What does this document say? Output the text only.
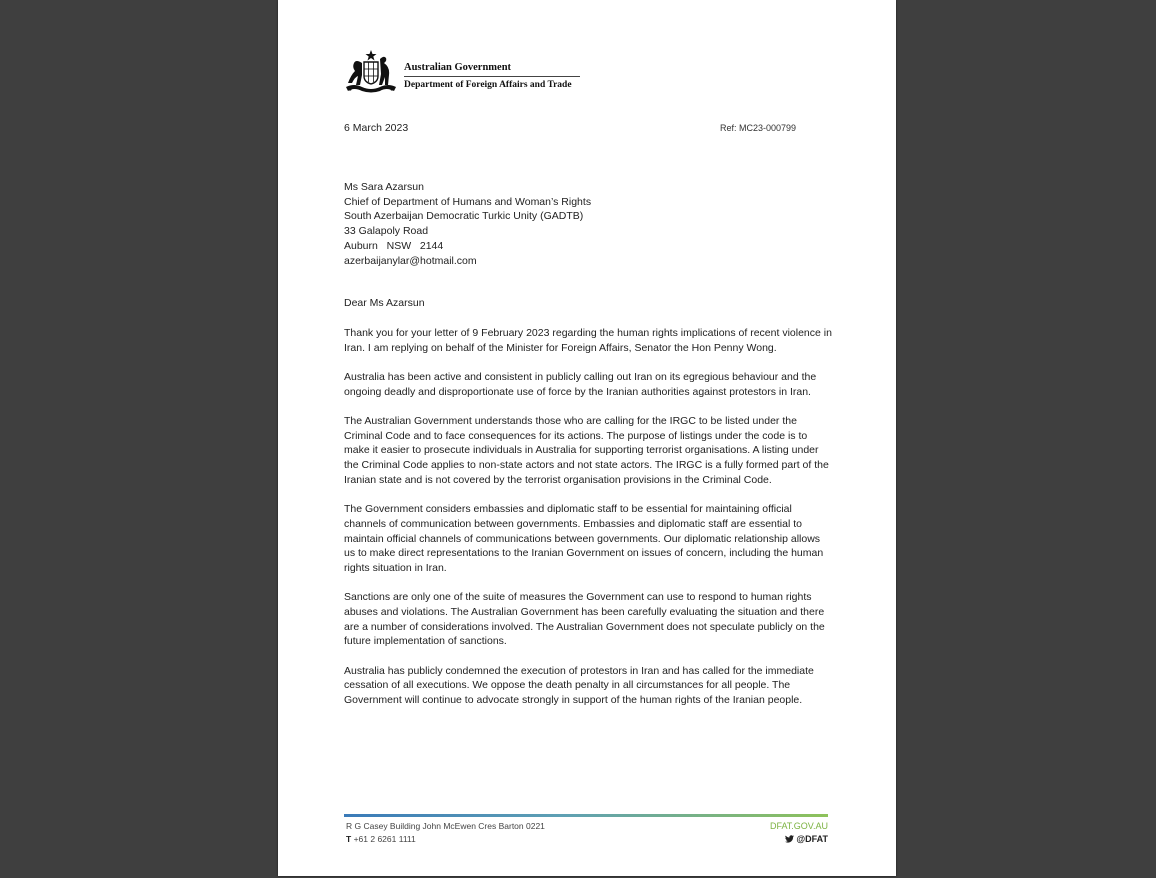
Australian Government
Department of Foreign Affairs and Trade
6 March 2023	Ref: MC23-000799
Ms Sara Azarsun
Chief of Department of Humans and Woman’s Rights
South Azerbaijan Democratic Turkic Unity (GADTB)
33 Galapoly Road
Auburn   NSW   2144
azerbaijanylar@hotmail.com
Dear Ms Azarsun

Thank you for your letter of 9 February 2023 regarding the human rights implications of recent violence in Iran. I am replying on behalf of the Minister for Foreign Affairs, Senator the Hon Penny Wong.

Australia has been active and consistent in publicly calling out Iran on its egregious behaviour and the ongoing deadly and disproportionate use of force by the Iranian authorities against protestors in Iran.

The Australian Government understands those who are calling for the IRGC to be listed under the Criminal Code and to face consequences for its actions. The purpose of listings under the code is to make it easier to prosecute individuals in Australia for supporting terrorist organisations. A listing under the Criminal Code applies to non-state actors and not state actors. The IRGC is a fully formed part of the Iranian state and is not covered by the terrorist organisation provisions in the Criminal Code.

The Government considers embassies and diplomatic staff to be essential for maintaining official channels of communication between governments. Embassies and diplomatic staff are essential to maintain official channels of communications between governments. Our diplomatic relationship allows us to make direct representations to the Iranian Government on issues of concern, including the human rights situation in Iran.

Sanctions are only one of the suite of measures the Government can use to respond to human rights abuses and violations. The Australian Government has been carefully evaluating the situation and there are a number of considerations involved. The Australian Government does not speculate publicly on the future implementation of sanctions.

Australia has publicly condemned the execution of protestors in Iran and has called for the immediate cessation of all executions. We oppose the death penalty in all circumstances for all people. The Government will continue to advocate strongly in support of the human rights of the Iranian people.

R G Casey Building John McEwen Cres Barton 0221
T +61 2 6261 1111
DFAT.GOV.AU
@DFAT
